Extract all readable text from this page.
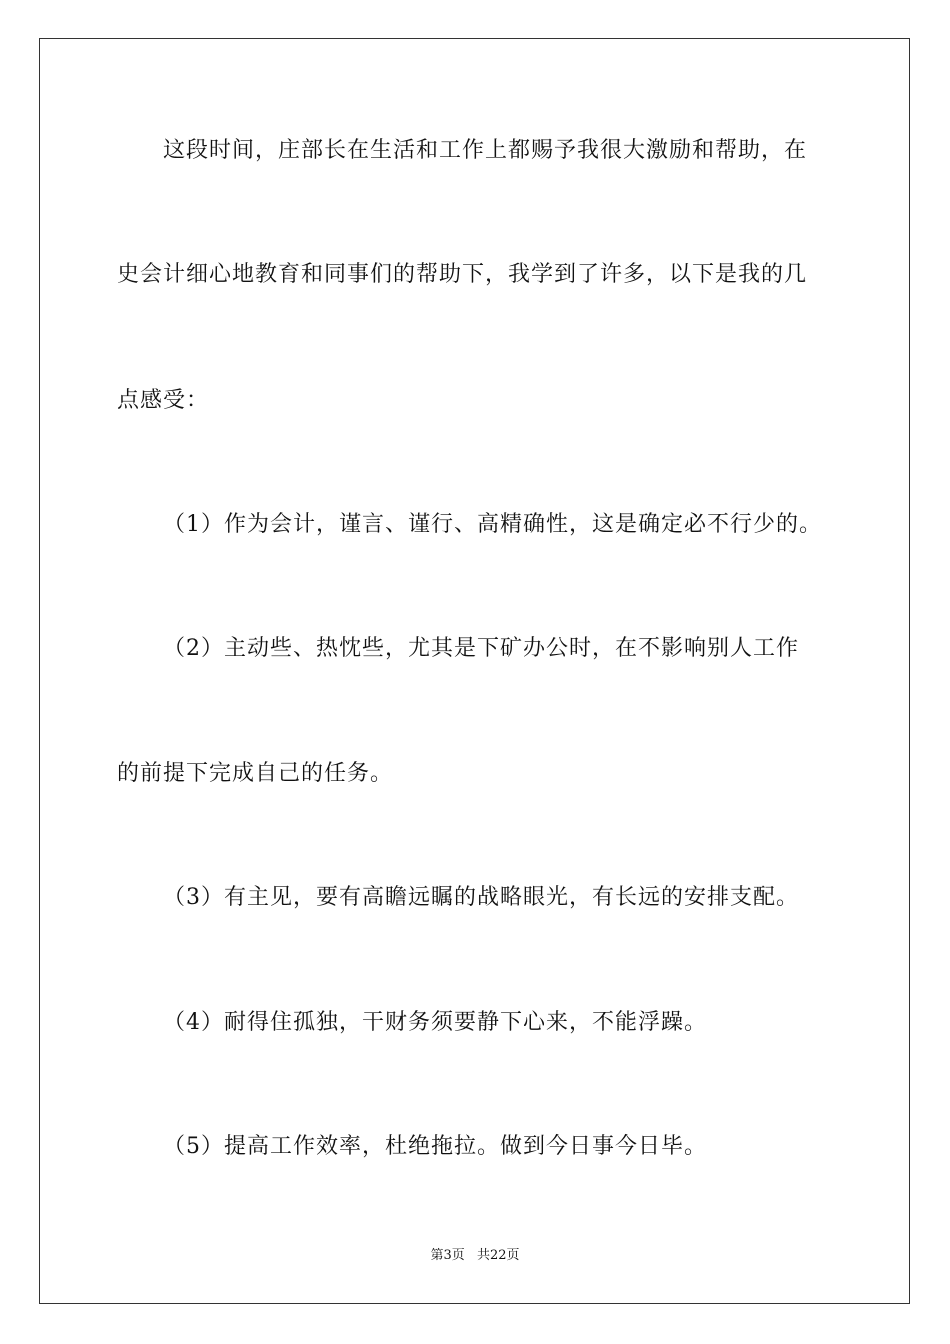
这段时间，庄部长在生活和工作上都赐予我很大激励和帮助，在
史会计细心地教育和同事们的帮助下，我学到了许多，以下是我的几
点感受：
（1）作为会计，谨言、谨行、高精确性，这是确定必不行少的。
（2）主动些、热忱些，尤其是下矿办公时，在不影响别人工作
的前提下完成自己的任务。
（3）有主见，要有高瞻远瞩的战略眼光，有长远的安排支配。
（4）耐得住孤独，干财务须要静下心来，不能浮躁。
（5）提高工作效率，杜绝拖拉。做到今日事今日毕。
第3页 共22页
